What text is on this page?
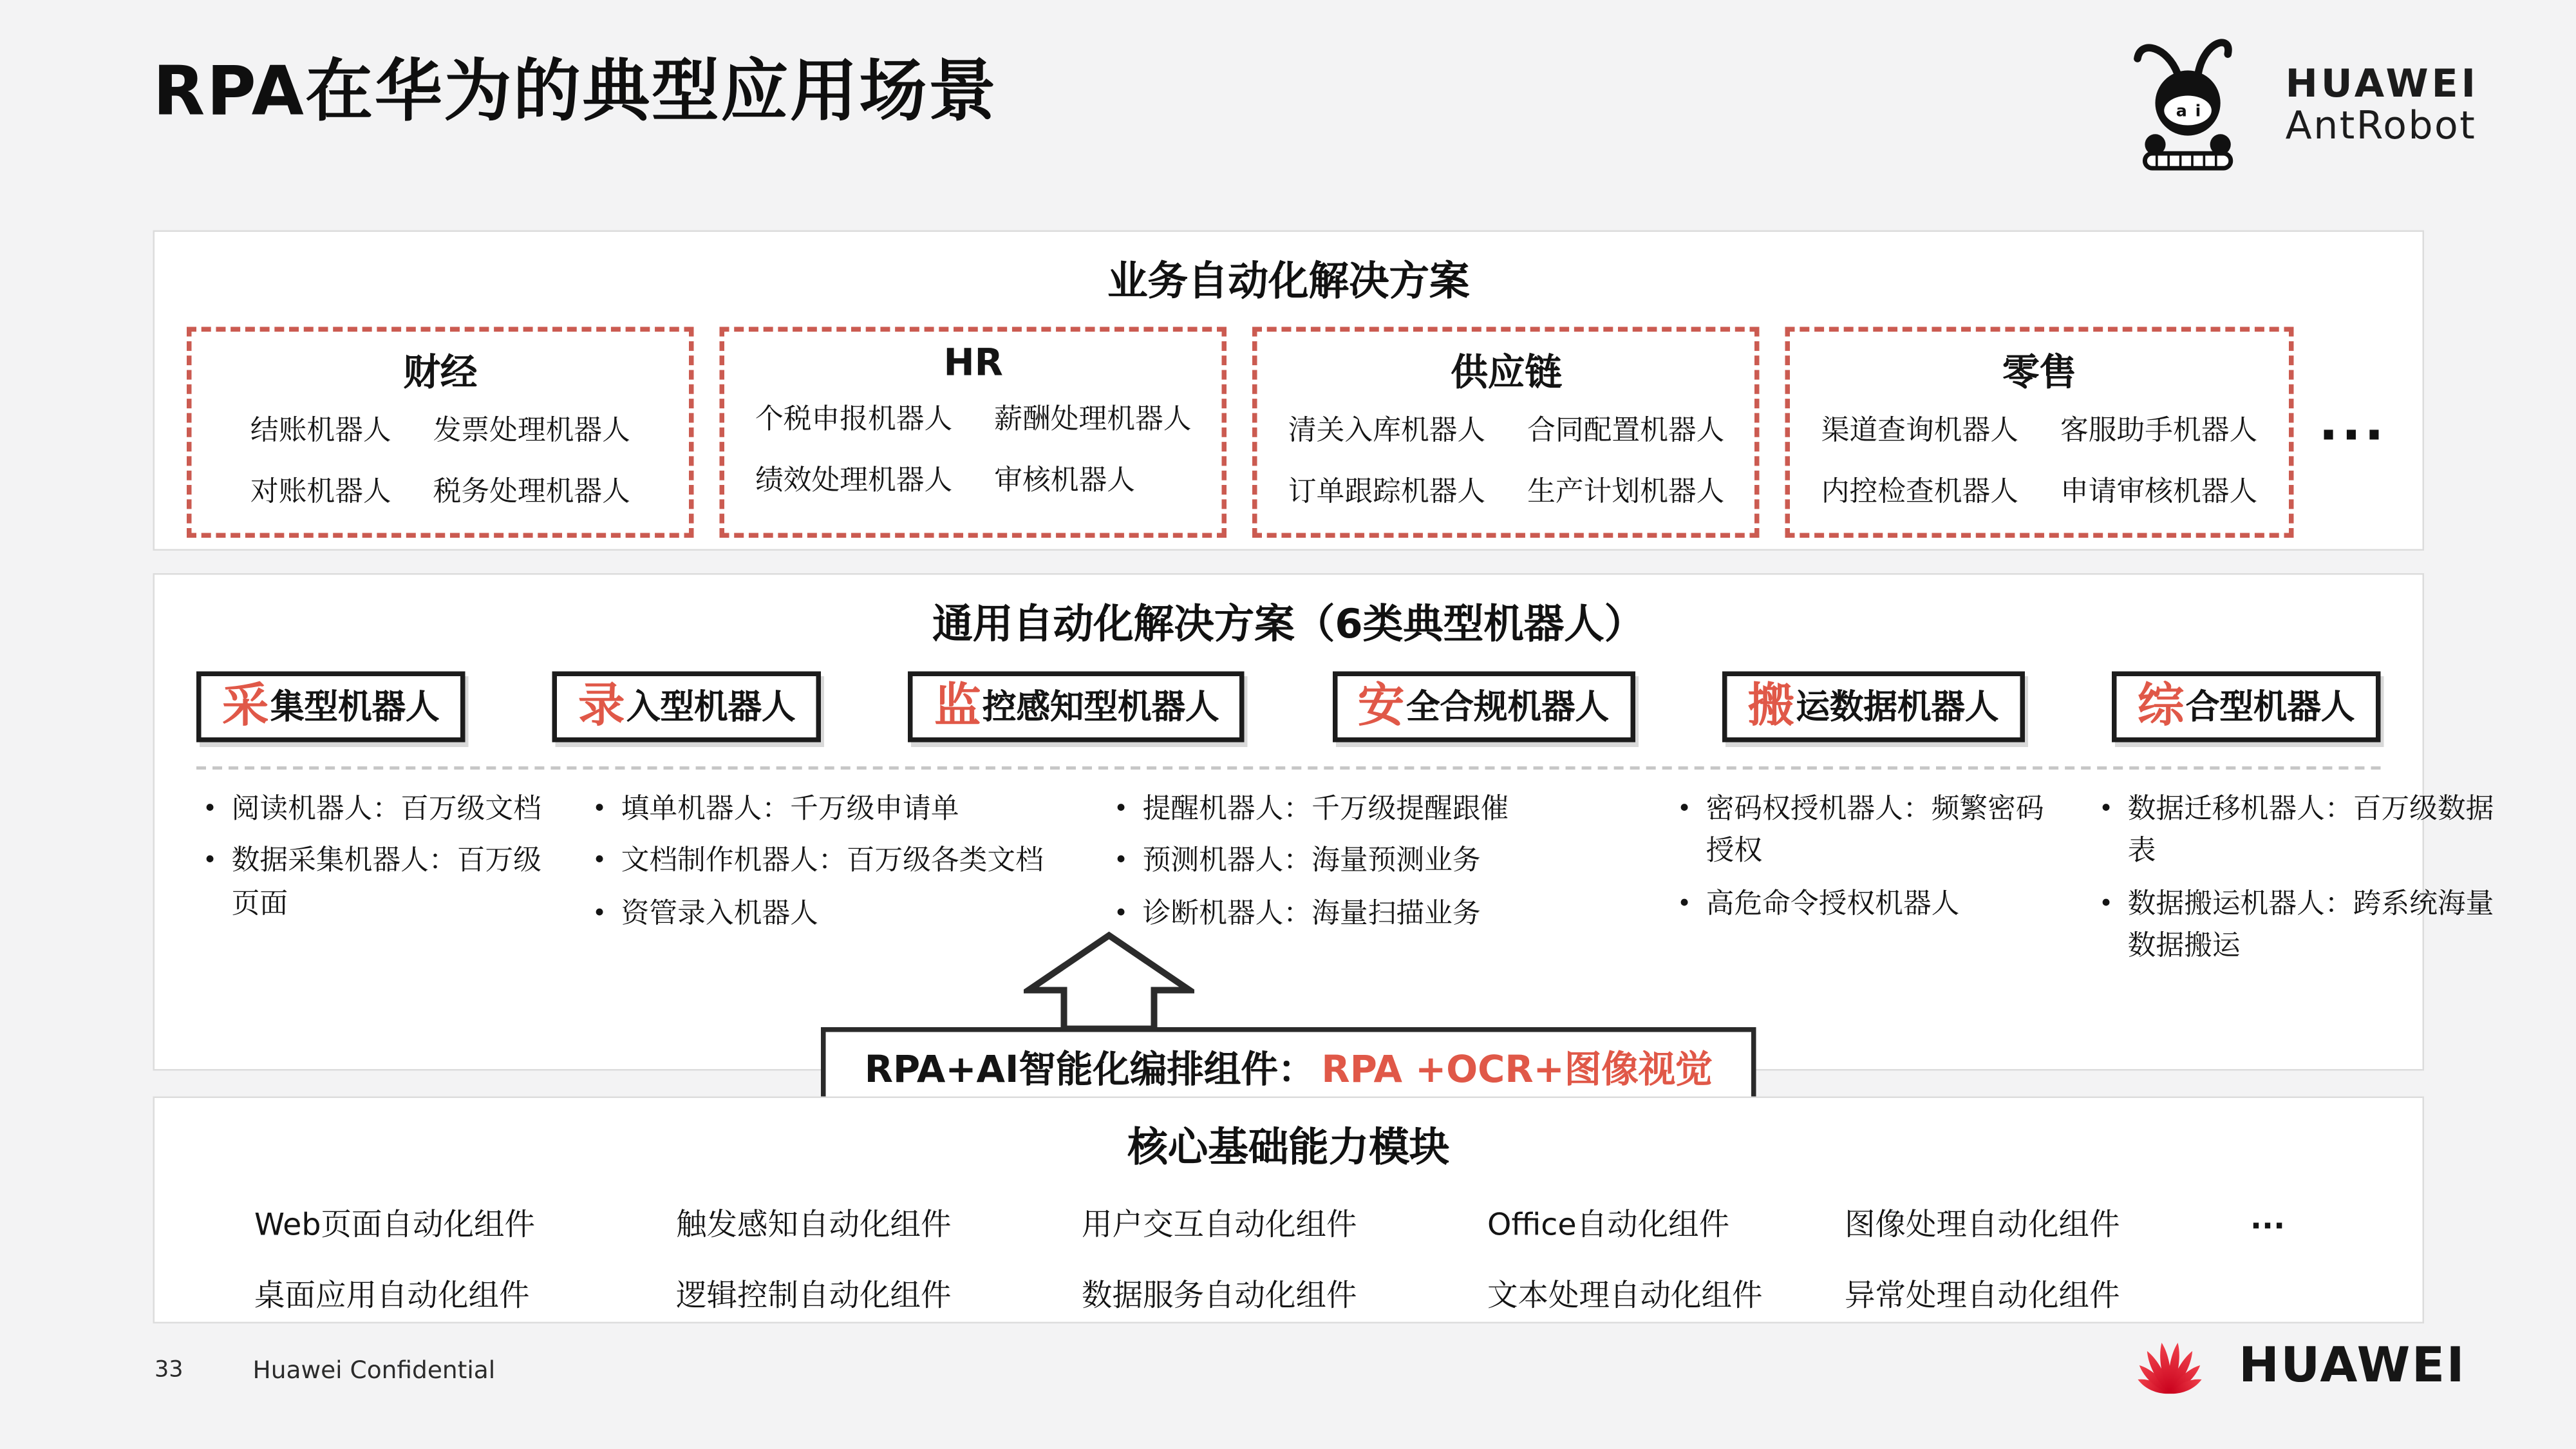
RPA在华为的典型应用场景	a i
HUAWEI
AntRobot
业务自动化解决方案
财经
结账机器人	发票处理机器人
对账机器人	税务处理机器人
HR
个税申报机器人	薪酬处理机器人
绩效处理机器人	审核机器人
供应链
清关入库机器人	合同配置机器人
订单跟踪机器人	生产计划机器人
零售
渠道查询机器人	客服助手机器人
内控检查机器人	申请审核机器人
...
通用自动化解决方案（6类典型机器人）
采 集型机器人	录 入型机器人	监 控感知型机器人	安 全合规机器人	搬 运数据机器人	综 合型机器人
• 阅读机器人：百万级文档
• 数据采集机器人：百万级页面
• 填单机器人：千万级申请单
• 文档制作机器人：百万级各类文档
• 资管录入机器人
• 提醒机器人：千万级提醒跟催
• 预测机器人：海量预测业务
• 诊断机器人：海量扫描业务
• 密码权授机器人：频繁密码授权
• 高危命令授权机器人
• 数据迁移机器人：百万级数据表
• 数据搬运机器人：跨系统海量数据搬运
RPA+AI智能化编排组件： RPA +OCR+图像视觉
核心基础能力模块
Web页面自动化组件	触发感知自动化组件	用户交互自动化组件	Office自动化组件	图像处理自动化组件	...
桌面应用自动化组件	逻辑控制自动化组件	数据服务自动化组件	文本处理自动化组件	异常处理自动化组件
33	Huawei Confidential	HUAWEI
